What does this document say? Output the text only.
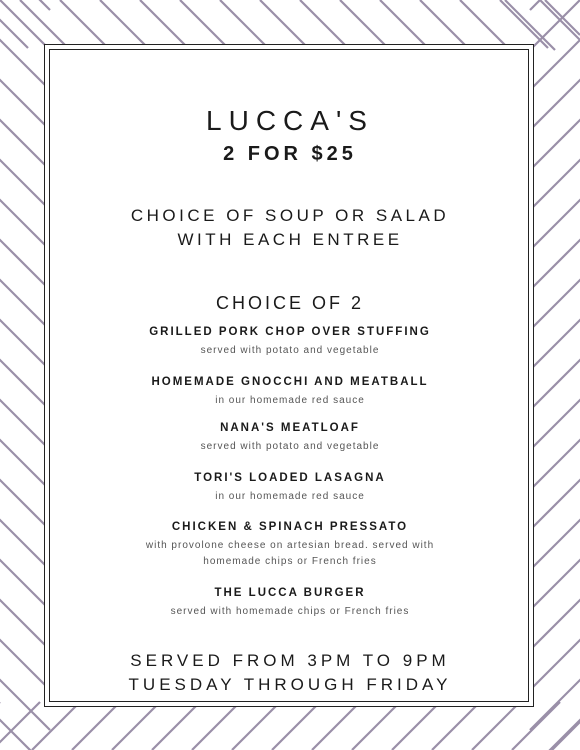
LUCCA'S
2 FOR $25
CHOICE OF SOUP OR SALAD
WITH EACH ENTREE
CHOICE OF 2
GRILLED PORK CHOP OVER STUFFING
served with potato and vegetable
HOMEMADE GNOCCHI AND MEATBALL
in our homemade red sauce
NANA'S MEATLOAF
served with potato and vegetable
TORI'S LOADED LASAGNA
in our homemade red sauce
CHICKEN & SPINACH PRESSATO
with provolone cheese on artesian bread. served with
homemade chips or French fries
THE LUCCA BURGER
served with homemade chips or French fries
SERVED FROM 3PM TO 9PM
TUESDAY THROUGH FRIDAY
